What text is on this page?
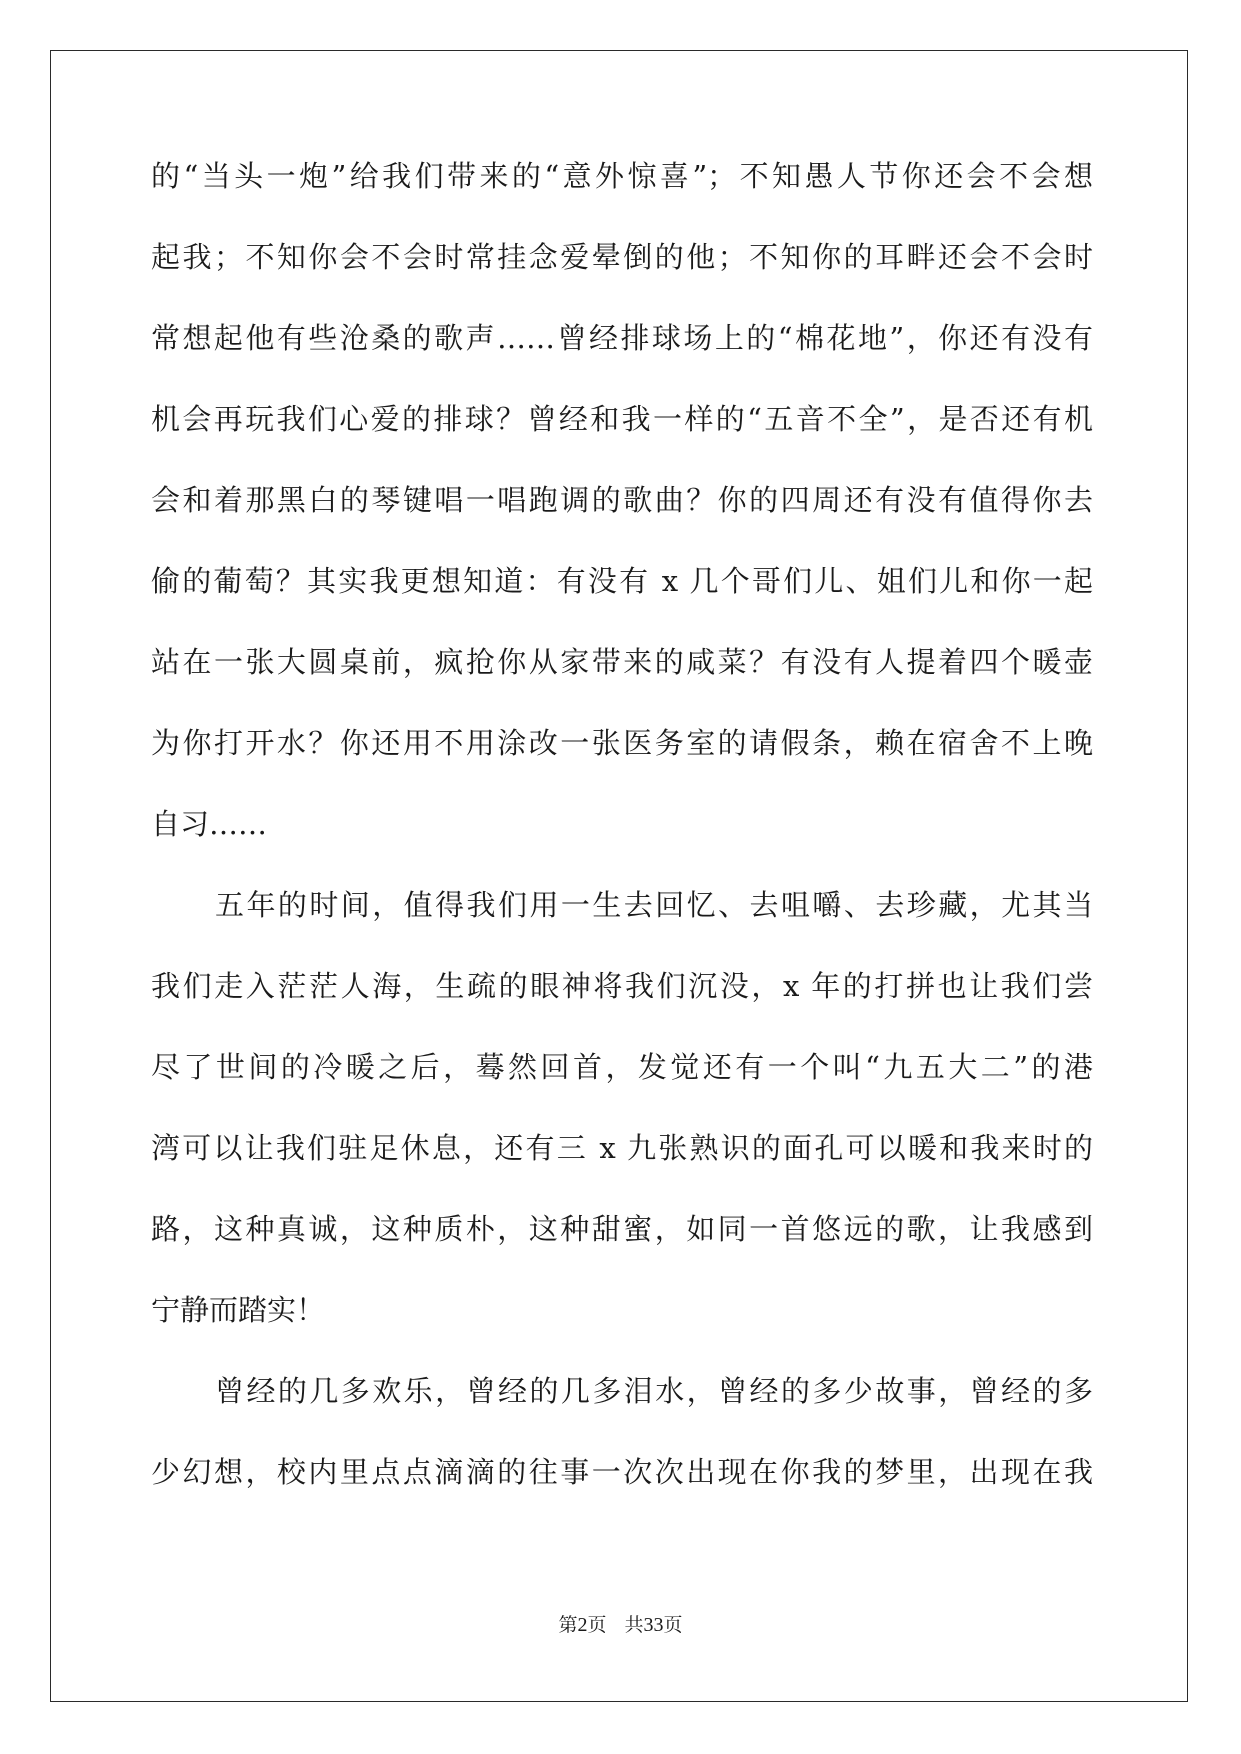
的“当头一炮”给我们带来的“意外惊喜”；不知愚人节你还会不会想
起我；不知你会不会时常挂念爱晕倒的他；不知你的耳畔还会不会时
常想起他有些沧桑的歌声……曾经排球场上的“棉花地”，你还有没有
机会再玩我们心爱的排球？曾经和我一样的“五音不全”，是否还有机
会和着那黑白的琴键唱一唱跑调的歌曲？你的四周还有没有值得你去
偷的葡萄？其实我更想知道：有没有 x 几个哥们儿、姐们儿和你一起
站在一张大圆桌前，疯抢你从家带来的咸菜？有没有人提着四个暖壶
为你打开水？你还用不用涂改一张医务室的请假条，赖在宿舍不上晚
自习……

五年的时间，值得我们用一生去回忆、去咀嚼、去珍藏，尤其当
我们走入茫茫人海，生疏的眼神将我们沉没，x 年的打拼也让我们尝
尽了世间的冷暖之后，蓦然回首，发觉还有一个叫“九五大二”的港
湾可以让我们驻足休息，还有三 x 九张熟识的面孔可以暖和我来时的
路，这种真诚，这种质朴，这种甜蜜，如同一首悠远的歌，让我感到
宁静而踏实！

曾经的几多欢乐，曾经的几多泪水，曾经的多少故事，曾经的多
少幻想，校内里点点滴滴的往事一次次出现在你我的梦里，出现在我

第2页 共33页
